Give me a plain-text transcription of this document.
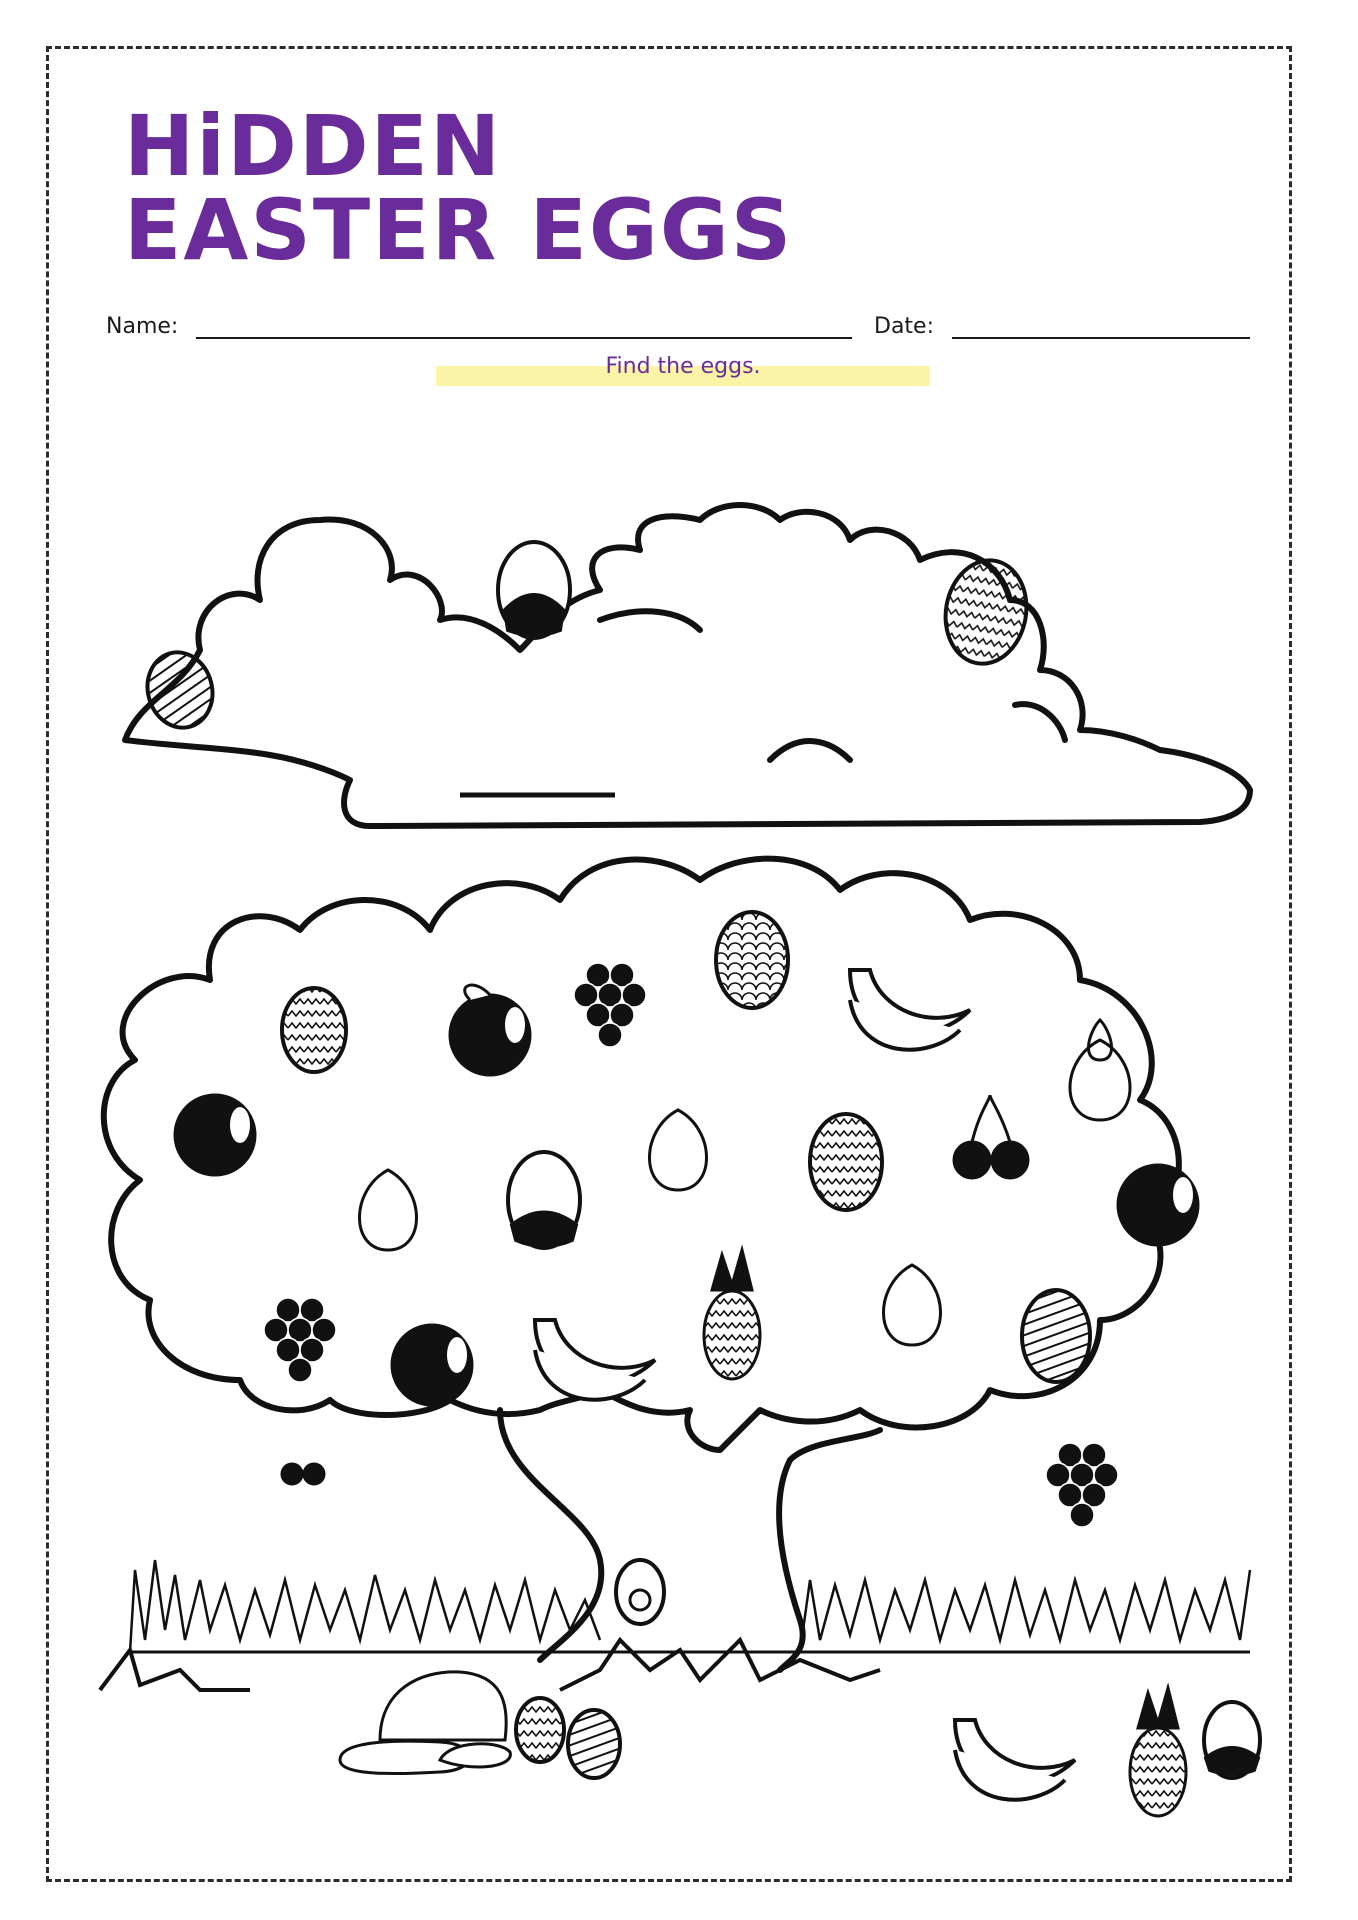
HiDDEN
EASTER EGGS
Name:	Date:
Find the eggs.
